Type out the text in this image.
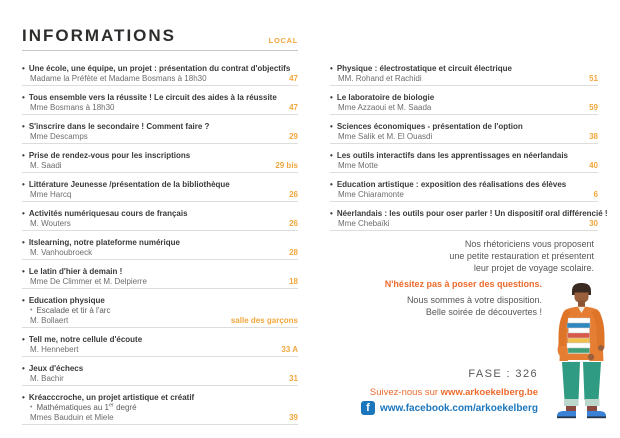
INFORMATIONS	LOCAL
• Une école, une équipe, un projet : présentation du contrat d'objectifs
Madame la Préfète et Madame Bosmans à 18h30	47
• Tous ensemble vers la réussite ! Le circuit des aides à la réussite
Mme Bosmans à 18h30	47
• S'inscrire dans le secondaire ! Comment faire ?
Mme Descamps	29
• Prise de rendez-vous pour les inscriptions
M. Saadi	29 bis
• Littérature Jeunesse /présentation de la bibliothèque
Mme Harcq	26
• Activités numériquesau cours de français
M. Wouters	26
• Itslearning, notre plateforme numérique
M. Vanhoubroeck	28
• Le latin d'hier à demain !
Mme De Climmer et M. Delpierre	18
• Education physique
• Escalade et tir à l'arc
M. Bollaert	salle des garçons
• Tell me, notre cellule d'écoute
M. Hennebert	33 A
• Jeux d'échecs
M. Bachir	31
• Kréacccroche, un projet artistique et créatif
• Mathématiques au 1er degré
Mmes Bauduin et Miele	39
• Physique : électrostatique et circuit électrique
MM. Rohand et Rachidi	51
• Le laboratoire de biologie
Mme Azzaoui et M. Saada	59
• Sciences économiques - présentation de l'option
Mme Salik et M. El Ouasdi	38
• Les outils interactifs dans les apprentissages en néerlandais
Mme Motte	40
• Education artistique : exposition des réalisations des élèves
Mme Chiaramonte	6
• Néerlandais : les outils pour oser parler ! Un dispositif oral différencié !
Mme Chebaïki	30
Nos rhétoriciens vous proposent
une petite restauration et présentent
leur projet de voyage scolaire.
N'hésitez pas à poser des questions.
Nous sommes à votre disposition.
Belle soirée de découvertes !
FASE : 326
Suivez-nous sur www.arkoekelberg.be
f www.facebook.com/arkoekelberg
